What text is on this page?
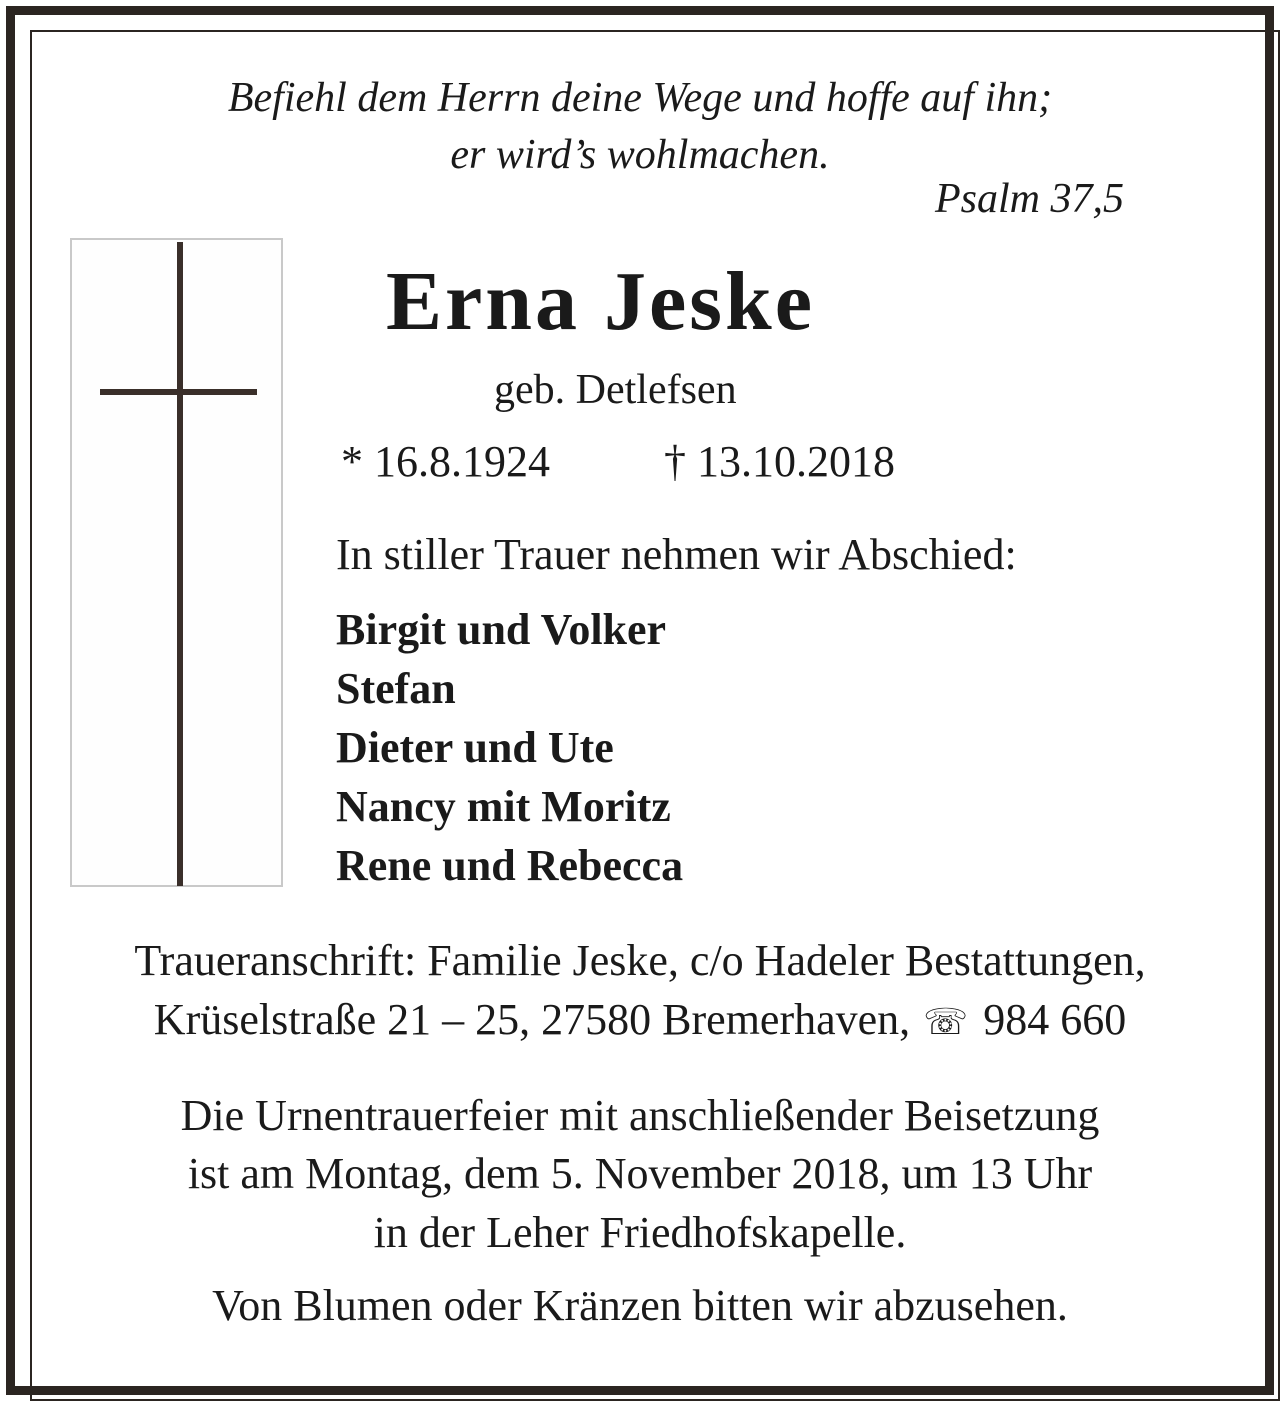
Befiehl dem Herrn deine Wege und hoffe auf ihn;
er wird’s wohlmachen.
Psalm 37,5
Erna Jeske
geb. Detlefsen
* 16.8.1924	† 13.10.2018
In stiller Trauer nehmen wir Abschied:
Birgit und Volker
Stefan
Dieter und Ute
Nancy mit Moritz
Rene und Rebecca
Traueranschrift: Familie Jeske, c/o Hadeler Bestattungen,
Krüselstraße 21 – 25, 27580 Bremerhaven, ☏ 984 660
Die Urnentrauerfeier mit anschließender Beisetzung
ist am Montag, dem 5. November 2018, um 13 Uhr
in der Leher Friedhofskapelle.
Von Blumen oder Kränzen bitten wir abzusehen.
